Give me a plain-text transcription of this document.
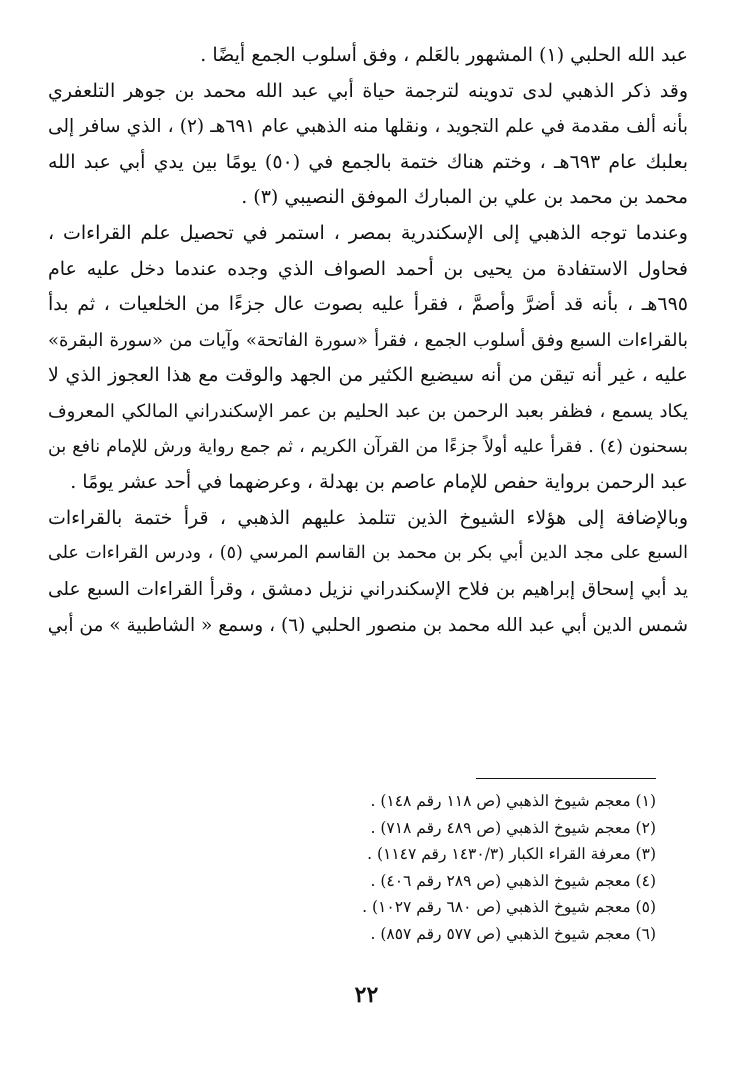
عبد الله الحلبي (١) المشهور بالعَلم ، وفق أسلوب الجمع أيضًا .
وقد ذكر الذهبي لدى تدوينه لترجمة حياة أبي عبد الله محمد بن جوهر التلعفري
بأنه ألف مقدمة في علم التجويد ، ونقلها منه الذهبي عام ٦٩١هـ (٢) ، الذي سافر إلى
بعلبك عام ٦٩٣هـ ، وختم هناك ختمة بالجمع في (٥٠) يومًا بين يدي أبي عبد الله
محمد بن محمد بن علي بن المبارك الموفق النصيبي (٣) .
وعندما توجه الذهبي إلى الإسكندرية بمصر ، استمر في تحصيل علم القراءات ،
فحاول الاستفادة من يحيى بن أحمد الصواف الذي وجده عندما دخل عليه عام
٦٩٥هـ ، بأنه قد أضرَّ وأصمَّ ، فقرأ عليه بصوت عال جزءًا من الخلعيات ، ثم بدأ
بالقراءات السبع وفق أسلوب الجمع ، فقرأ «سورة الفاتحة» وآيات من «سورة البقرة»
عليه ، غير أنه تيقن من أنه سيضيع الكثير من الجهد والوقت مع هذا العجوز الذي لا
يكاد يسمع ، فظفر بعبد الرحمن بن عبد الحليم بن عمر الإسكندراني المالكي المعروف
بسحنون (٤) . فقرأ عليه أولاً جزءًا من القرآن الكريم ، ثم جمع رواية ورش للإمام نافع بن
عبد الرحمن برواية حفص للإمام عاصم بن بهدلة ، وعرضهما في أحد عشر يومًا .
وبالإضافة إلى هؤلاء الشيوخ الذين تتلمذ عليهم الذهبي ، قرأ ختمة بالقراءات
السبع على مجد الدين أبي بكر بن محمد بن القاسم المرسي (٥) ، ودرس القراءات على
يد أبي إسحاق إبراهيم بن فلاح الإسكندراني نزيل دمشق ، وقرأ القراءات السبع على
شمس الدين أبي عبد الله محمد بن منصور الحلبي (٦) ، وسمع « الشاطبية » من أبي
(١) معجم شيوخ الذهبي (ص ١١٨ رقم ١٤٨) .
(٢) معجم شيوخ الذهبي (ص ٤٨٩ رقم ٧١٨) .
(٣) معرفة القراء الكبار (١٤٣٠/٣ رقم ١١٤٧) .
(٤) معجم شيوخ الذهبي (ص ٢٨٩ رقم ٤٠٦) .
(٥) معجم شيوخ الذهبي (ص ٦٨٠ رقم ١٠٢٧) .
(٦) معجم شيوخ الذهبي (ص ٥٧٧ رقم ٨٥٧) .
٢٢
